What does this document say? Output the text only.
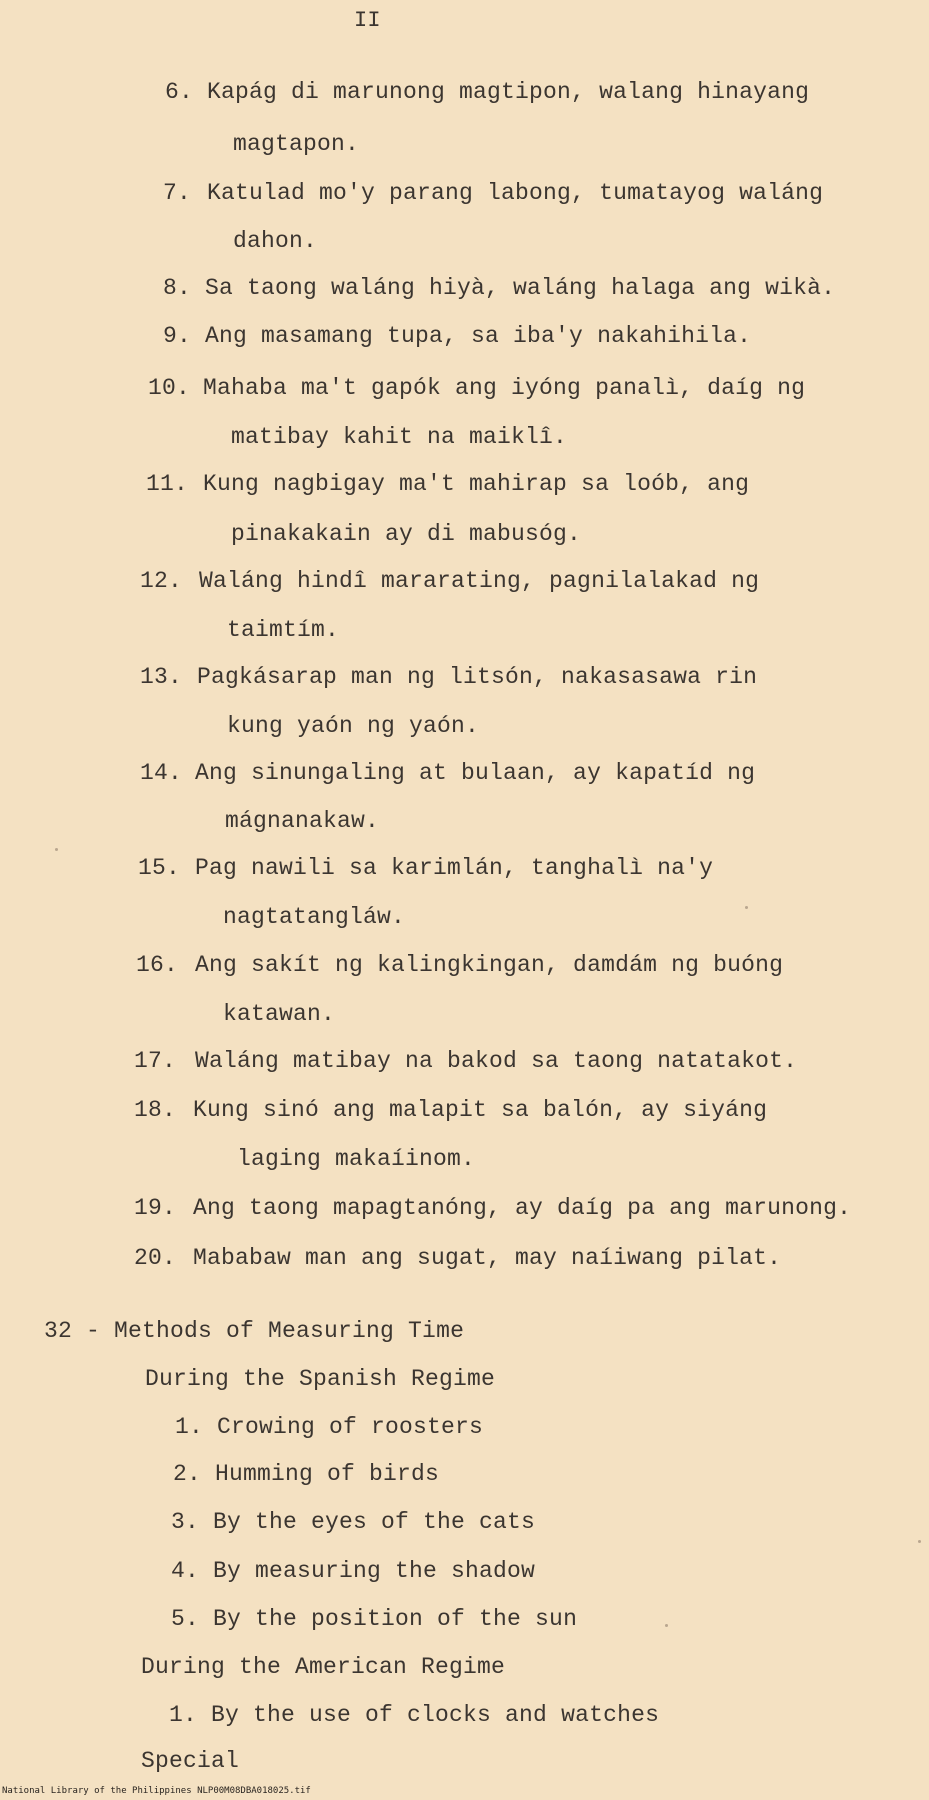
II
6. Kapág di marunong magtipon, walang hinayang
magtapon.
7. Katulad mo'y parang labong, tumatayog waláng
dahon.
8. Sa taong waláng hiyà, waláng halaga ang wikà.
9. Ang masamang tupa, sa iba'y nakahihila.
10. Mahaba ma't gapók ang iyóng panalì, daíg ng
matibay kahit na maiklî.
11. Kung nagbigay ma't mahirap sa loób, ang
pinakakain ay di mabusóg.
12. Waláng hindî mararating, pagnilalakad ng
taimtím.
13. Pagkásarap man ng litsón, nakasasawa rin
kung yaón ng yaón.
14. Ang sinungaling at bulaan, ay kapatíd ng
mágnanakaw.
15. Pag nawili sa karimlán, tanghalì na'y
nagtatangláw.
16. Ang sakít ng kalingkingan, damdám ng buóng
katawan.
17. Waláng matibay na bakod sa taong natatakot.
18. Kung sinó ang malapit sa balón, ay siyáng
laging makaíinom.
19. Ang taong mapagtanóng, ay daíg pa ang marunong.
20. Mababaw man ang sugat, may naíiwang pilat.
32 - Methods of Measuring Time
During the Spanish Regime
1. Crowing of roosters
2. Humming of birds
3. By the eyes of the cats
4. By measuring the shadow
5. By the position of the sun
During the American Regime
1. By the use of clocks and watches
Special
National Library of the Philippines NLP00M08DBA018025.tif
